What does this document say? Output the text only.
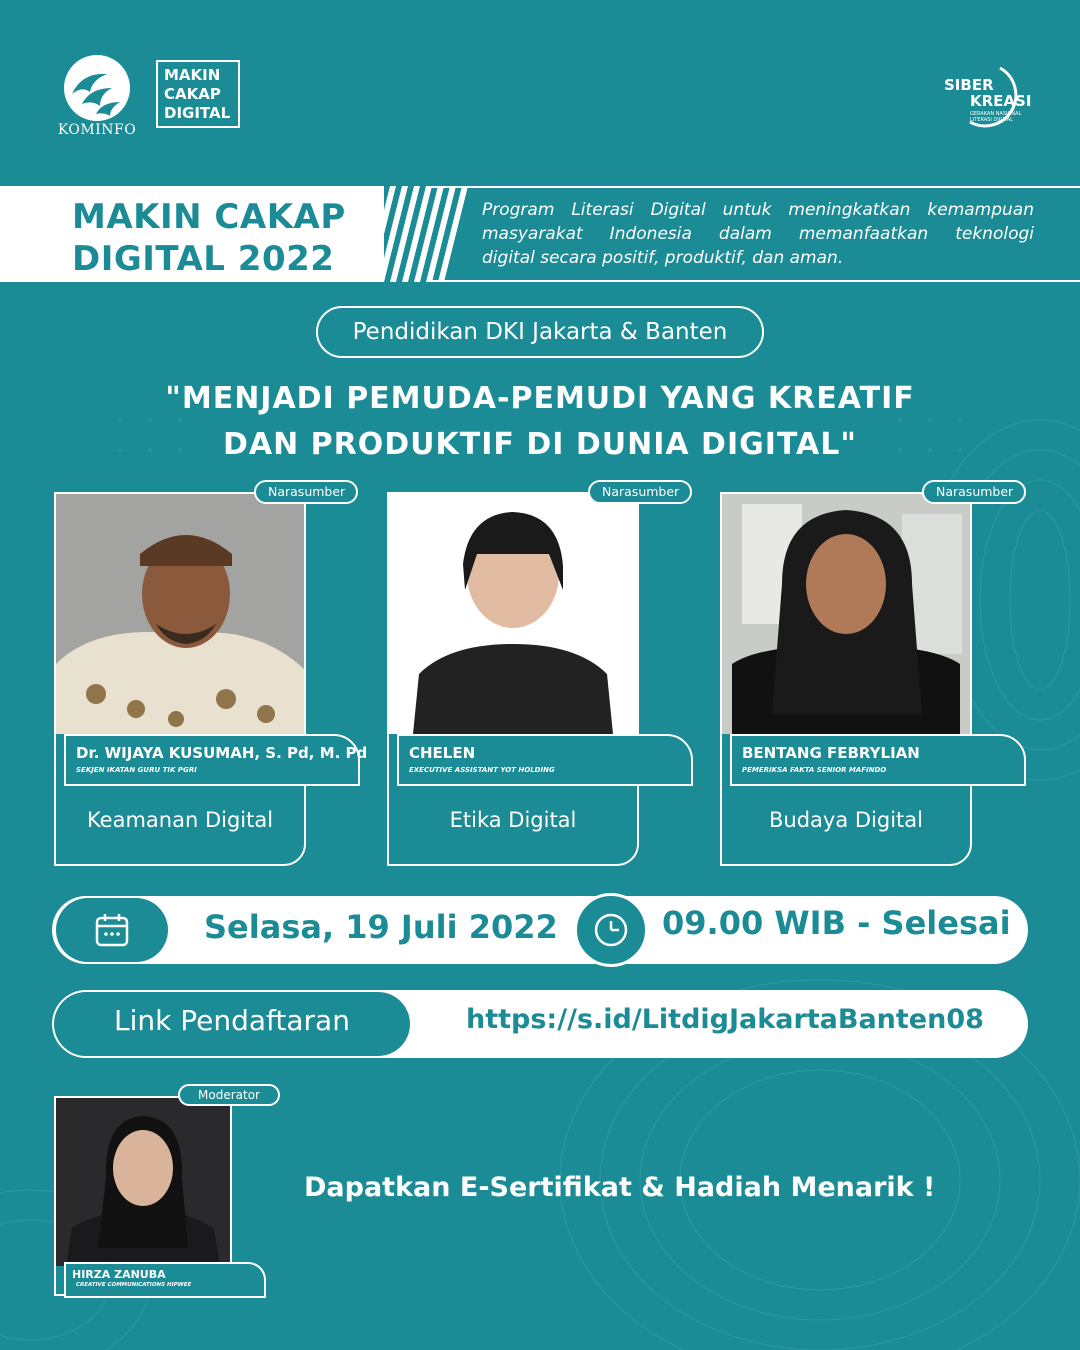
KOMINFO
MAKIN
CAKAP
DIGITAL
SIBER
KREASI
GERAKAN NASIONAL LITERASI DIGITAL
MAKIN CAKAP
DIGITAL 2022
Program Literasi Digital untuk meningkatkan kemampuan
masyarakat Indonesia dalam memanfaatkan teknologi
digital secara positif, produktif, dan aman.
Pendidikan DKI Jakarta & Banten
"MENJADI PEMUDA-PEMUDI YANG KREATIF
DAN PRODUKTIF DI DUNIA DIGITAL"
Narasumber
Dr. WIJAYA KUSUMAH, S. Pd, M. Pd
SEKJEN IKATAN GURU TIK PGRI
Keamanan Digital
Narasumber
CHELEN
EXECUTIVE ASSISTANT YOT HOLDING
Etika Digital
Narasumber
BENTANG FEBRYLIAN
PEMERIKSA FAKTA SENIOR MAFINDO
Budaya Digital
Selasa, 19 Juli 2022	09.00 WIB - Selesai
Link Pendaftaran	https://s.id/LitdigJakartaBanten08
Moderator
HIRZA ZANUBA
CREATIVE COMMUNICATIONS HIPWEE
Dapatkan E-Sertifikat & Hadiah Menarik !
